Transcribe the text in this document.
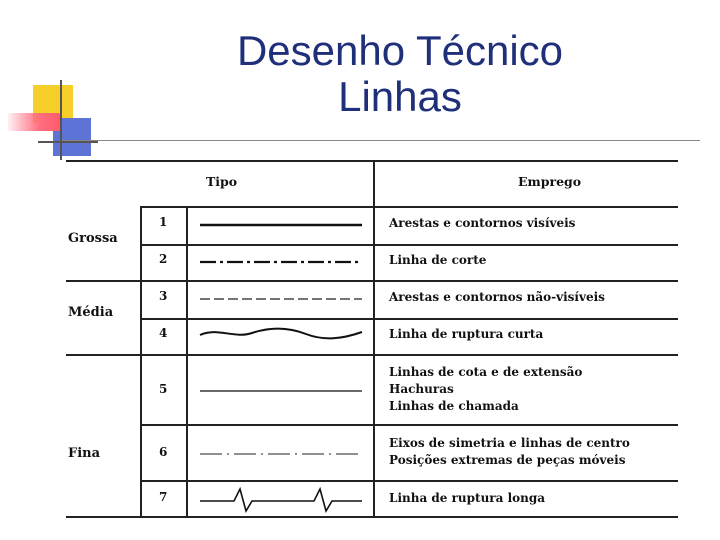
Desenho Técnico
Linhas
Tipo	Emprego
Grossa
Média
Fina
1
2
3
4
5
6
7
Arestas e contornos visíveis
Linha de corte
Arestas e contornos não-visíveis
Linha de ruptura curta
Linhas de cota e de extensão
Hachuras
Linhas de chamada
Eixos de simetria e linhas de centro
Posições extremas de peças móveis
Linha de ruptura longa
